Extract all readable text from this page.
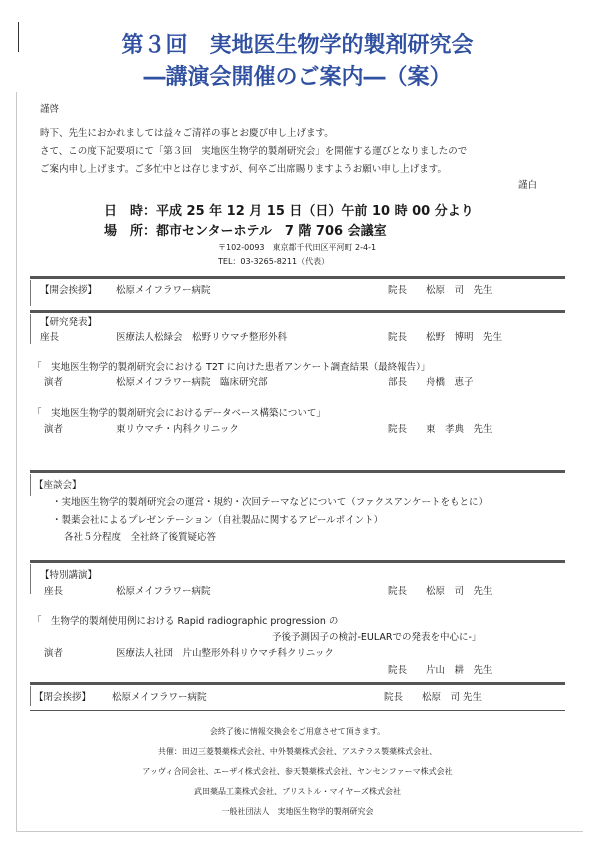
第３回　実地医生物学的製剤研究会
―講演会開催のご案内―（案）
謹啓
時下、先生におかれましては益々ご清祥の事とお慶び申し上げます。
さて、この度下記要項にて「第３回　実地医生物学的製剤研究会」を開催する運びとなりましたので
ご案内申し上げます。ご多忙中とは存じますが、何卒ご出席賜りますようお願い申し上げます。
謹白
日　時：平成 25 年 12 月 15 日（日）午前 10 時 00 分より
場　所：都市センターホテル　7 階 706 会議室
〒102-0093　東京都千代田区平河町 2-4-1
TEL：03-3265-8211（代表）
【開会挨拶】 松原メイフラワー病院	院長 松原　司　先生
【研究発表】
座長	医療法人松緑会　松野リウマチ整形外科	院長 松野　博明　先生
「　実地医生物学的製剤研究会における T2T に向けた患者アンケート調査結果（最終報告）」
演者	松原メイフラワー病院　臨床研究部	部長 舟橋　恵子
「　実地医生物学的製剤研究会におけるデータベース構築について」
演者	東リウマチ・内科クリニック	院長 東　孝典　先生
【座談会】
・実地医生物学的製剤研究会の運営・規約・次回テーマなどについて（ファクスアンケートをもとに）
・製薬会社によるプレゼンテーション（自社製品に関するアピールポイント）
各社５分程度　全社終了後質疑応答
【特別講演】
座長	松原メイフラワー病院	院長 松原　司　先生
「　生物学的製剤使用例における Rapid radiographic progression の
予後予測因子の検討-EULARでの発表を中心に-」
演者	医療法人社団　片山整形外科リウマチ科クリニック
院長 片山　耕　先生
【閉会挨拶】 松原メイフラワー病院	院長 松原　司 先生
会終了後に情報交換会をご用意させて頂きます。
共催：田辺三菱製薬株式会社、中外製薬株式会社、アステラス製薬株式会社、
アッヴィ合同会社、エーザイ株式会社、参天製薬株式会社、ヤンセンファーマ株式会社
武田薬品工業株式会社、ブリストル・マイヤーズ株式会社
一般社団法人　実地医生物学的製剤研究会
